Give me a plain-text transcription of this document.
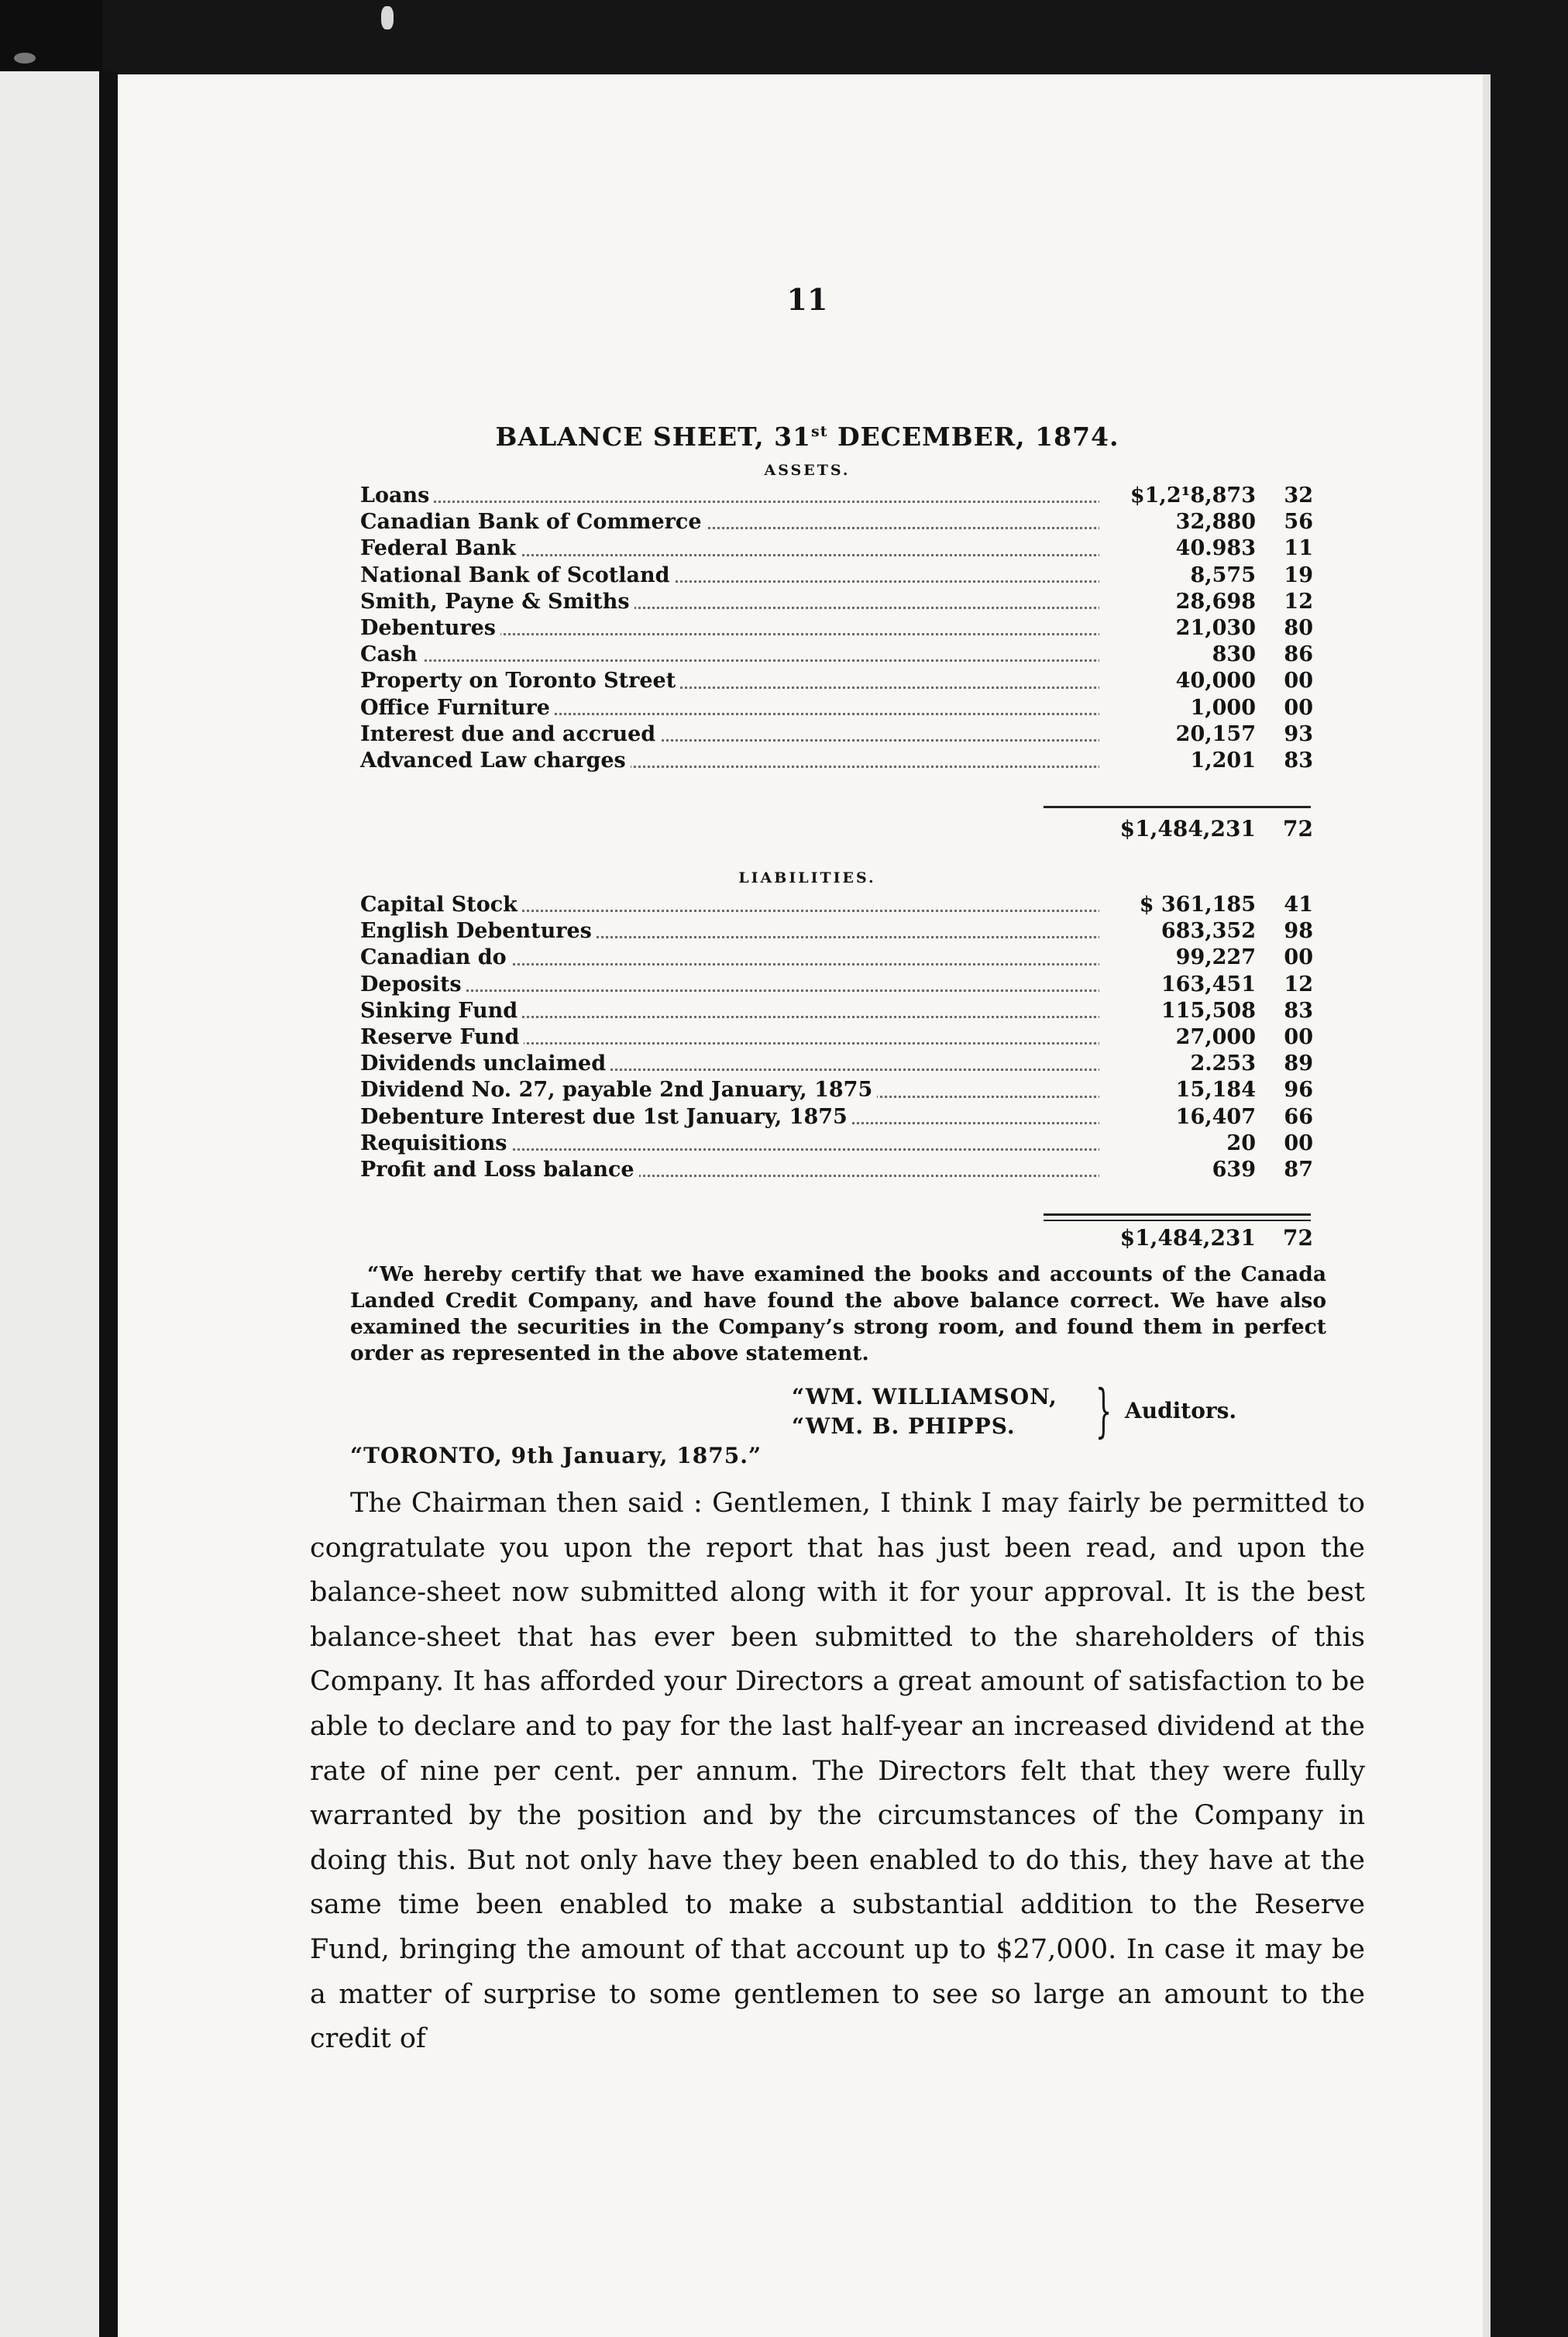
11
BALANCE SHEET, 31st DECEMBER, 1874.
ASSETS.
Loans	$1,2¹8,873	32
Canadian Bank of Commerce	32,880	56
Federal Bank	40.983	11
National Bank of Scotland	8,575	19
Smith, Payne & Smiths	28,698	12
Debentures	21,030	80
Cash	830	86
Property on Toronto Street	40,000	00
Office Furniture	1,000	00
Interest due and accrued	20,157	93
Advanced Law charges	1,201	83
$1,484,231	72
LIABILITIES.
Capital Stock	$ 361,185	41
English Debentures	683,352	98
Canadian do	99,227	00
Deposits	163,451	12
Sinking Fund	115,508	83
Reserve Fund	27,000	00
Dividends unclaimed	2.253	89
Dividend No. 27, payable 2nd January, 1875	15,184	96
Debenture Interest due 1st January, 1875	16,407	66
Requisitions	20	00
Profit and Loss balance	639	87
$1,484,231	72

“We hereby certify that we have examined the books and accounts of the Canada Landed Credit Company, and have found the above balance correct. We have also examined the securities in the Company’s strong room, and found them in perfect order as represented in the above statement.

“WM. WILLIAMSON,
“WM. B. PHIPPS. } Auditors.
“TORONTO, 9th January, 1875.”

The Chairman then said : Gentlemen, I think I may fairly be permitted to congratulate you upon the report that has just been read, and upon the balance-sheet now submitted along with it for your approval. It is the best balance-sheet that has ever been submitted to the shareholders of this Company. It has afforded your Directors a great amount of satisfaction to be able to declare and to pay for the last half-year an increased dividend at the rate of nine per cent. per annum. The Directors felt that they were fully warranted by the position and by the circumstances of the Company in doing this. But not only have they been enabled to do this, they have at the same time been enabled to make a substantial addition to the Reserve Fund, bringing the amount of that account up to $27,000. In case it may be a matter of surprise to some gentlemen to see so large an amount to the credit of
